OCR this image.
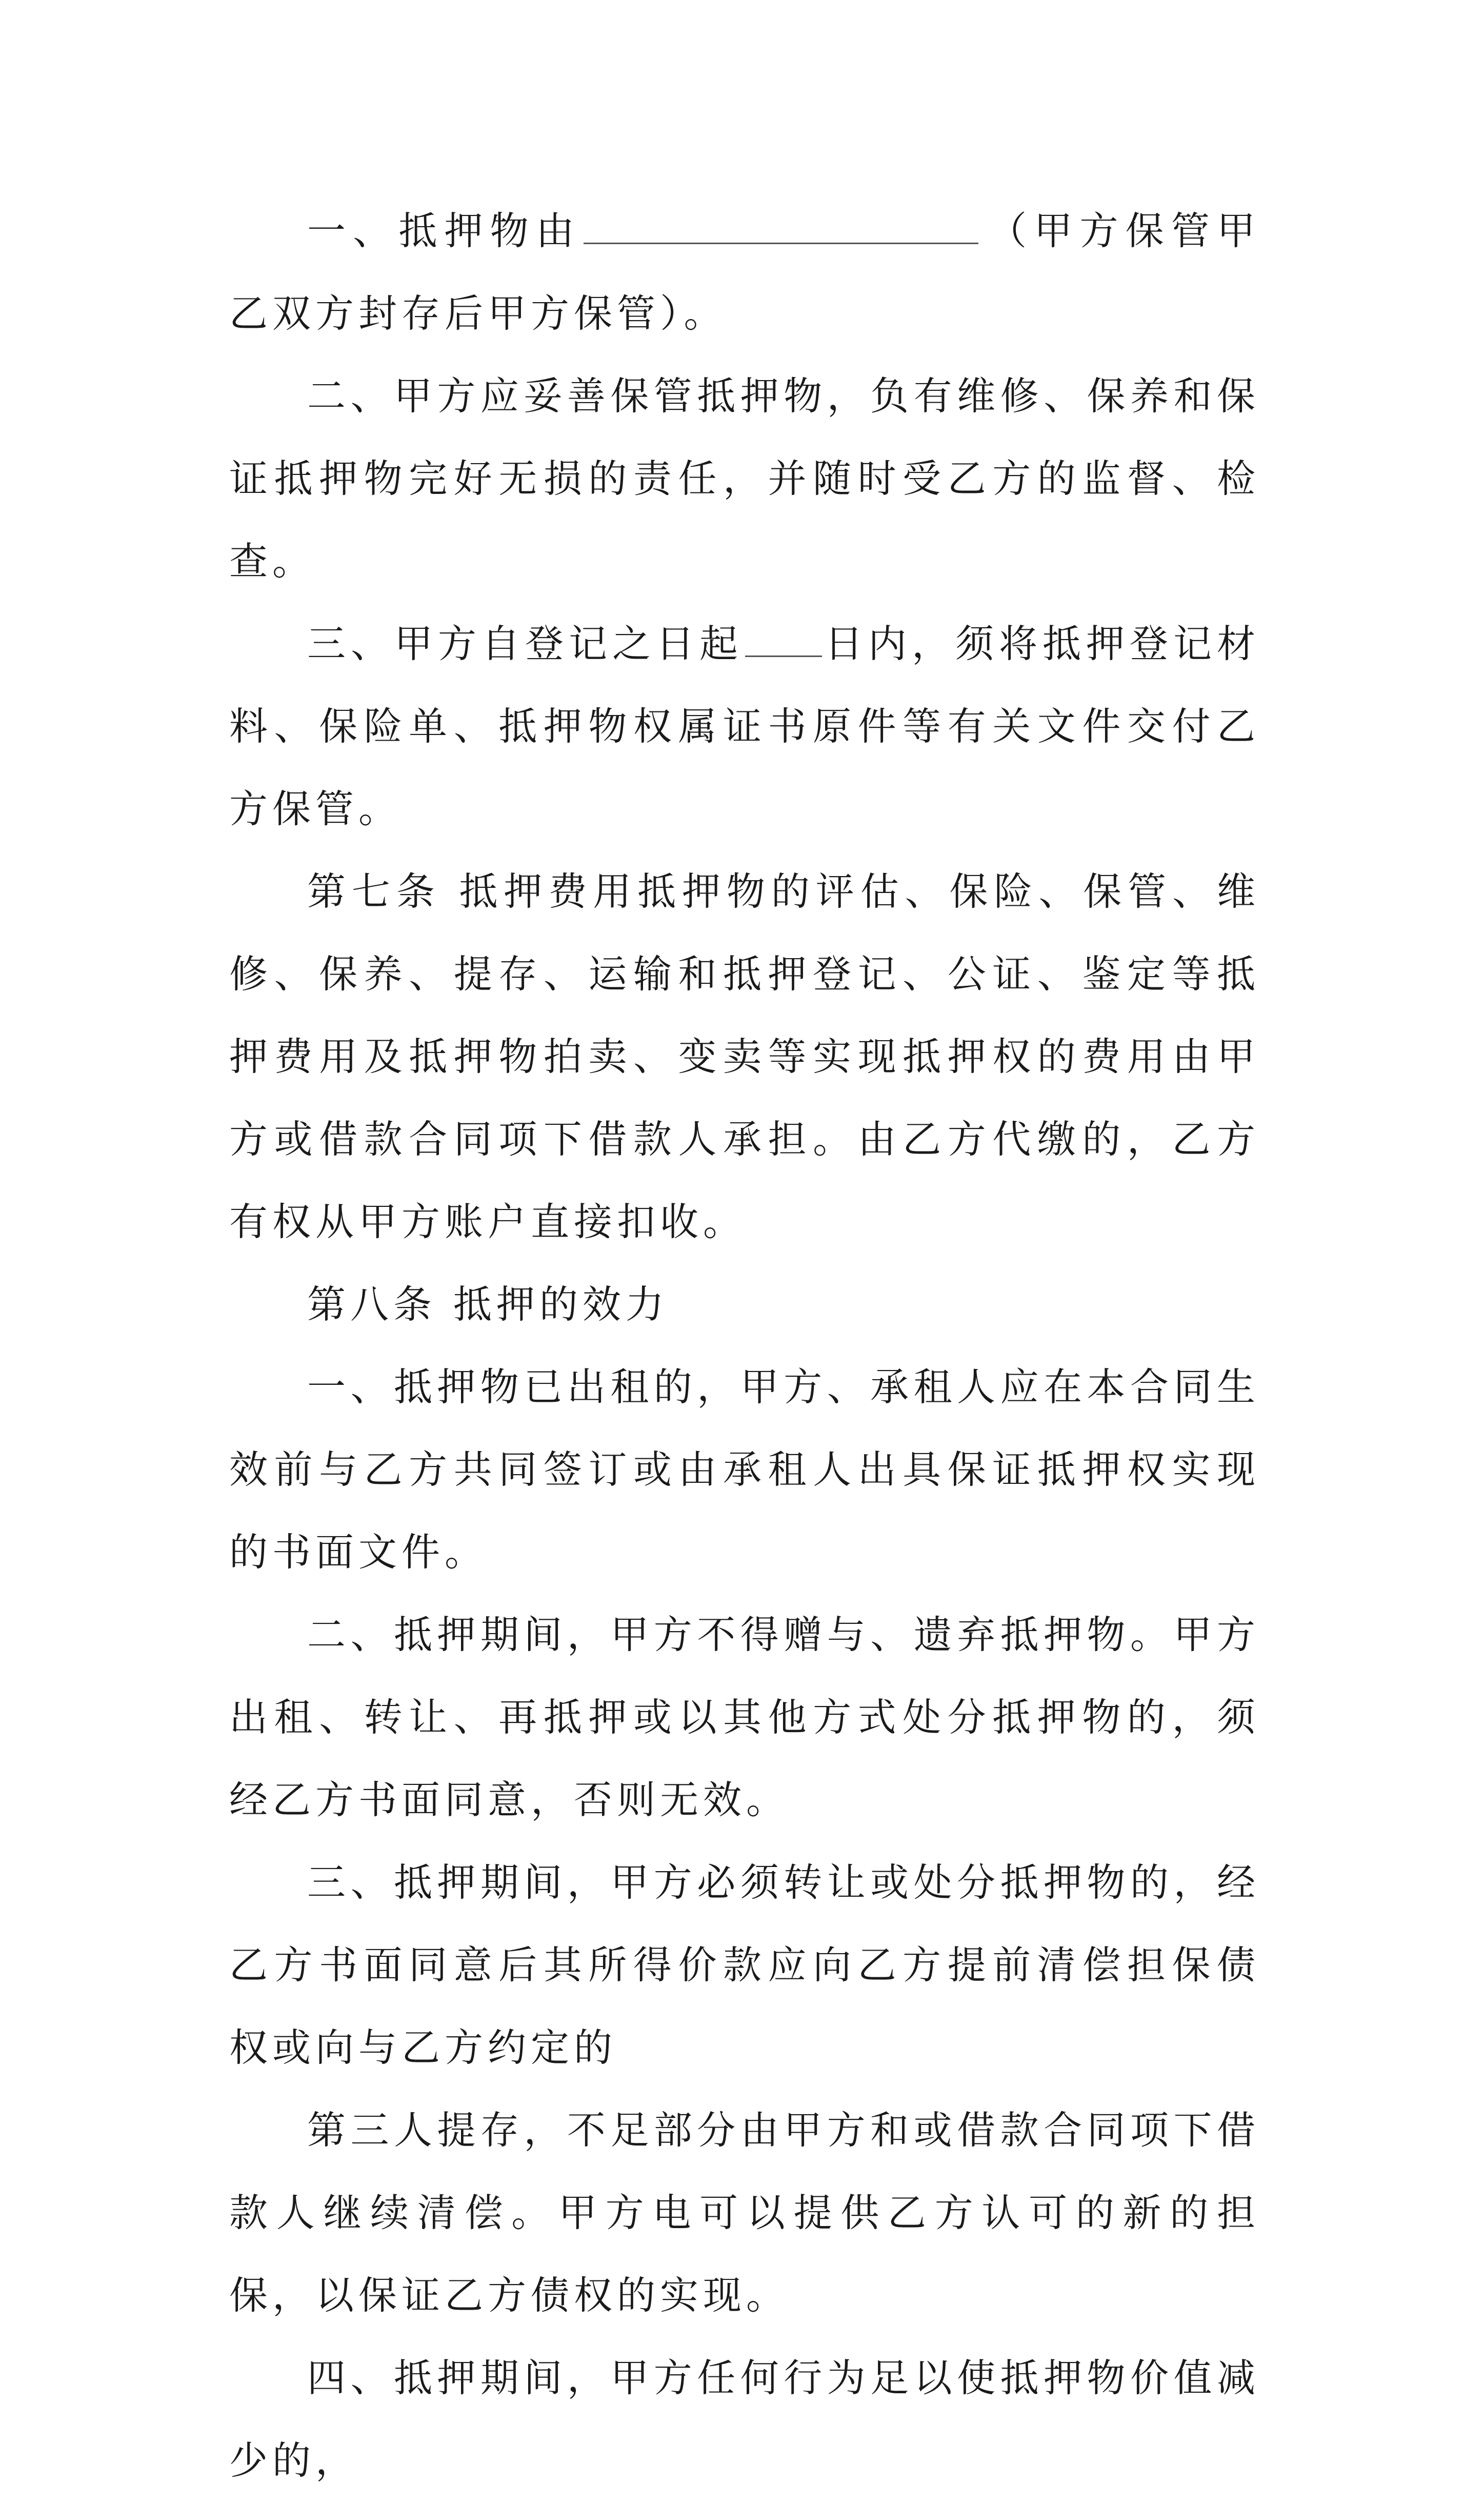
一、抵押物由	（甲方保管甲乙双方封存后甲方保管）。

二、甲方应妥善保管抵押物，负有维修、保养和保证抵押物完好无损的责任，并随时受乙方的监督、检查。

三、甲方自登记之日起 日内，须将抵押登记材料、保险单、抵押物权属证书原件等有关文件交付乙方保管。

第七条 抵押费用抵押物的评估、保险、保管、维修、保养、提存、运输和抵押登记、公证、鉴定等抵押费用及抵押物拍卖、变卖等实现抵押权的费用由甲方或借款合同项下借款人承担。由乙方代缴的，乙方有权从甲方账户直接扣收。

第八条 抵押的效力

一、抵押物已出租的，甲方、承租人应在本合同生效前与乙方共同签订或由承租人出具保证抵押权实现的书面文件。

二、抵押期间，甲方不得赠与、遗弃抵押物。甲方出租、转让、再抵押或以其他方式处分抵押物的，须经乙方书面同意，否则无效。

三、抵押期间，甲方必须转让或处分抵押物的，经乙方书面同意后其所得价款应向乙方提前清偿担保债权或向与乙方约定的

第三人提存，不足部分由甲方和或借款合同项下借款人继续清偿。甲方电可以提供乙方认可的新的担保，以保证乙方债权的实现。

四、抵押期间，甲方任何行为足以使抵押物价值减少的，
